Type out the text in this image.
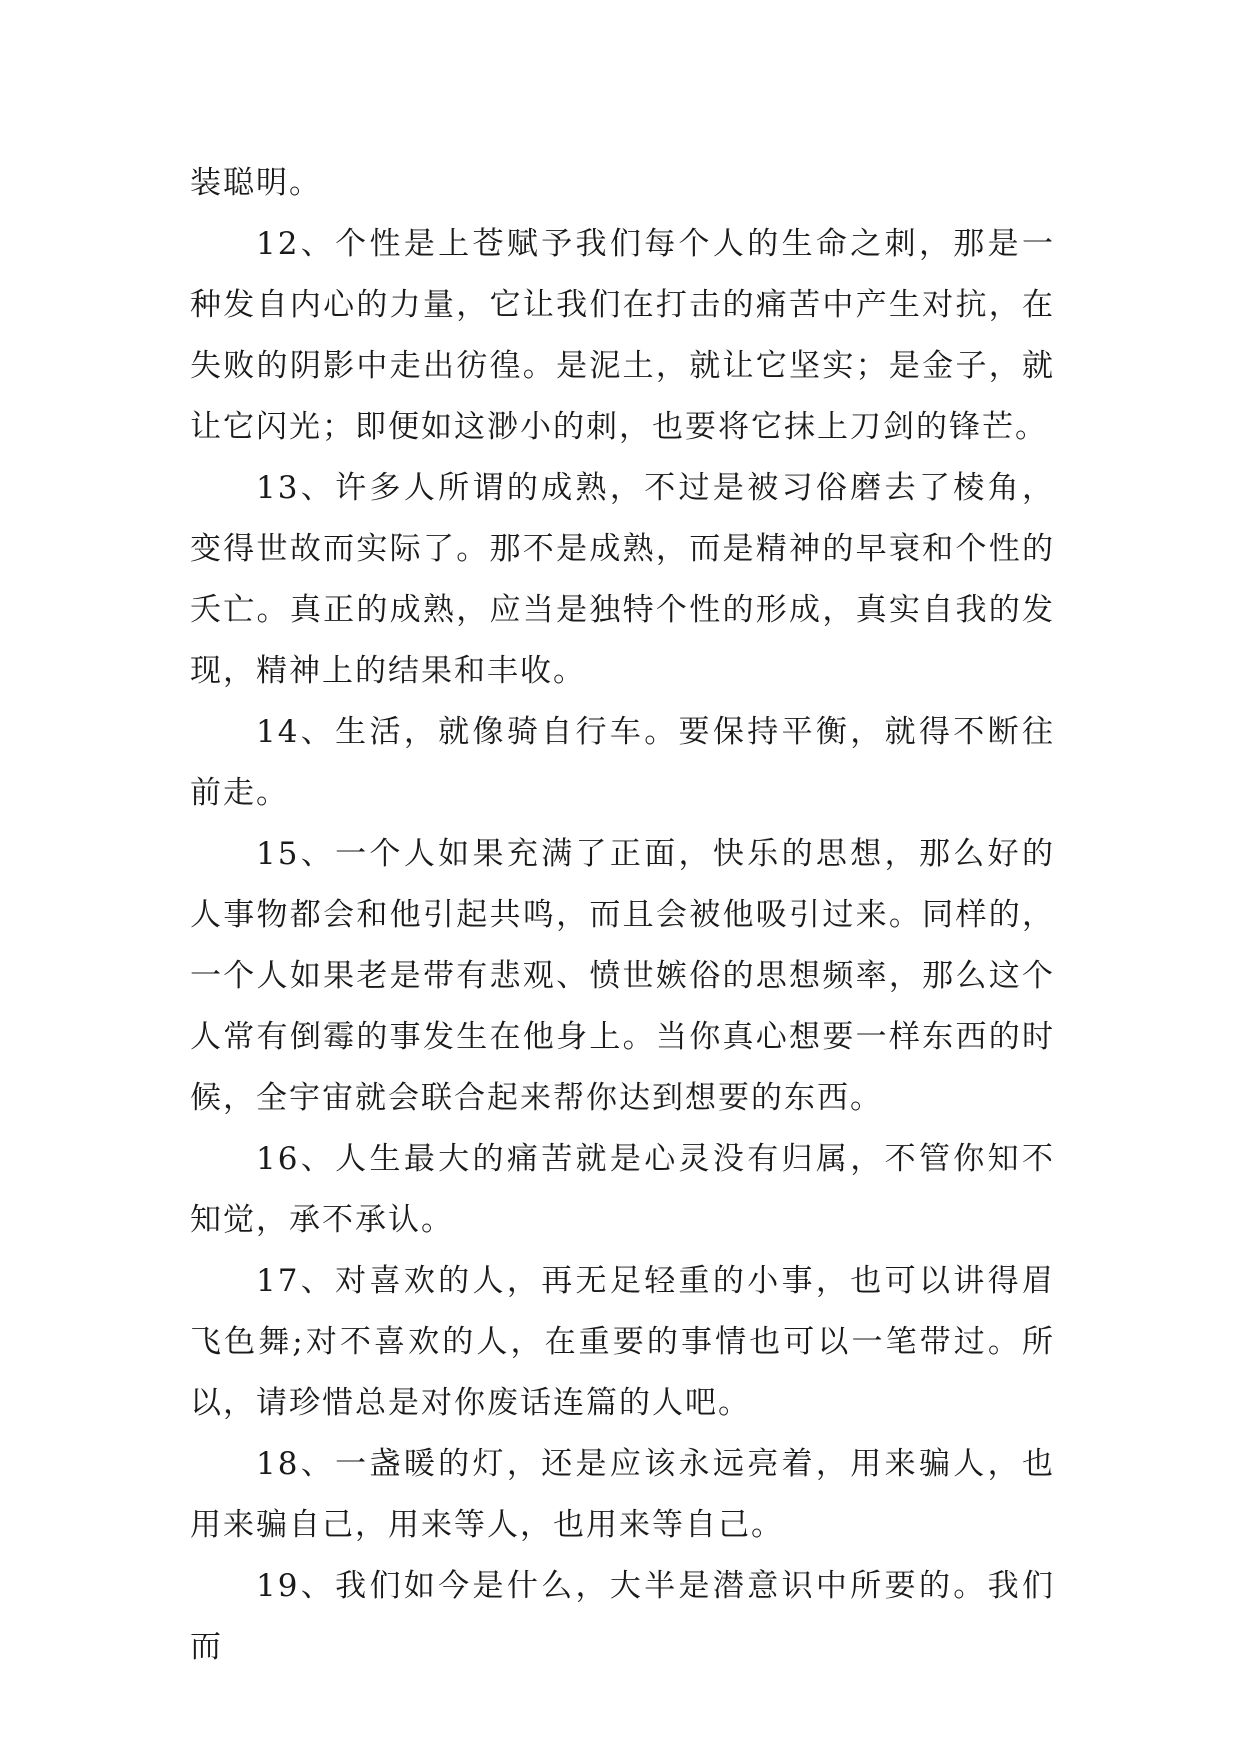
装聪明。

12、个性是上苍赋予我们每个人的生命之刺，那是一种发自内心的力量，它让我们在打击的痛苦中产生对抗，在失败的阴影中走出彷徨。是泥土，就让它坚实；是金子，就让它闪光；即便如这渺小的刺，也要将它抹上刀剑的锋芒。

13、许多人所谓的成熟，不过是被习俗磨去了棱角，变得世故而实际了。那不是成熟，而是精神的早衰和个性的夭亡。真正的成熟，应当是独特个性的形成，真实自我的发现，精神上的结果和丰收。

14、生活，就像骑自行车。要保持平衡，就得不断往前走。

15、一个人如果充满了正面，快乐的思想，那么好的人事物都会和他引起共鸣，而且会被他吸引过来。同样的，一个人如果老是带有悲观、愤世嫉俗的思想频率，那么这个人常有倒霉的事发生在他身上。当你真心想要一样东西的时候，全宇宙就会联合起来帮你达到想要的东西。

16、人生最大的痛苦就是心灵没有归属，不管你知不知觉，承不承认。

17、对喜欢的人，再无足轻重的小事，也可以讲得眉飞色舞;对不喜欢的人，在重要的事情也可以一笔带过。所以，请珍惜总是对你废话连篇的人吧。

18、一盏暖的灯，还是应该永远亮着，用来骗人，也用来骗自己，用来等人，也用来等自己。

19、我们如今是什么，大半是潜意识中所要的。我们而
